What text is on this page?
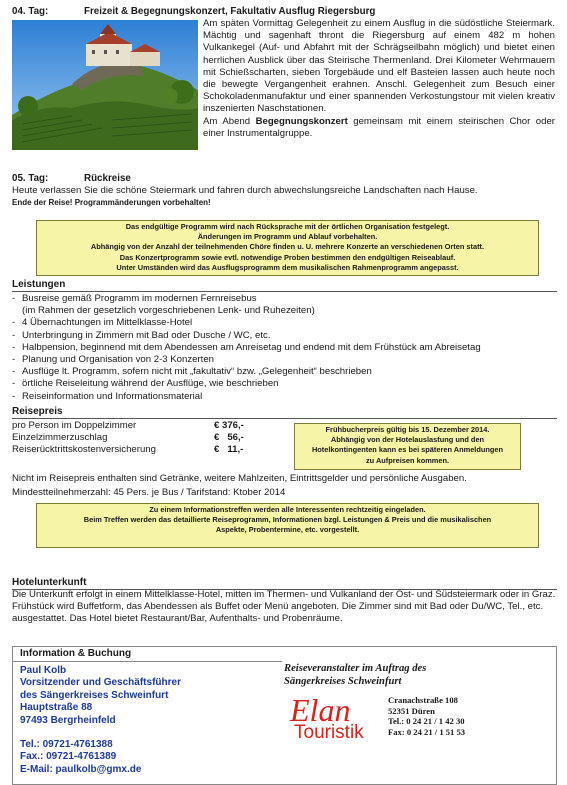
04. Tag:	Freizeit & Begegnungskonzert, Fakultativ Ausflug Riegersburg
Am späten Vormittag Gelegenheit zu einem Ausflug in die südöstliche Steiermark. Mächtig und sagenhaft thront die Riegersburg auf einem 482 m hohen Vulkankegel (Auf- und Abfahrt mit der Schrägseilbahn möglich) und bietet einen herrlichen Ausblick über das Steirische Thermenland. Drei Kilometer Wehrmauern mit Schießscharten, sieben Torgebäude und elf Basteien lassen auch heute noch die bewegte Vergangenheit erahnen. Anschl. Gelegenheit zum Besuch einer Schokoladenmanufaktur und einer spannenden Verkostungstour mit vielen kreativ inszenierten Naschstationen.
Am Abend Begegnungskonzert gemeinsam mit einem steirischen Chor oder einer Instrumentalgruppe.
05. Tag:	Rückreise
Heute verlassen Sie die schöne Steiermark und fahren durch abwechslungsreiche Landschaften nach Hause.
Ende der Reise! Programmänderungen vorbehalten!
Das endgültige Programm wird nach Rücksprache mit der örtlichen Organisation festgelegt.
Änderungen im Programm und Ablauf vorbehalten.
Abhängig von der Anzahl der teilnehmenden Chöre finden u. U. mehrere Konzerte an verschiedenen Orten statt.
Das Konzertprogramm sowie evtl. notwendige Proben bestimmen den endgültigen Reiseablauf.
Unter Umständen wird das Ausflugsprogramm dem musikalischen Rahmenprogramm angepasst.
Leistungen
- Busreise gemäß Programm im modernen Fernreisebus
(im Rahmen der gesetzlich vorgeschriebenen Lenk- und Ruhezeiten)
- 4 Übernachtungen im Mittelklasse-Hotel
- Unterbringung in Zimmern mit Bad oder Dusche / WC, etc.
- Halbpension, beginnend mit dem Abendessen am Anreisetag und endend mit dem Frühstück am Abreisetag
- Planung und Organisation von 2-3 Konzerten
- Ausflüge lt. Programm, sofern nicht mit „fakultativ“ bzw. „Gelegenheit“ beschrieben
- örtliche Reiseleitung während der Ausflüge, wie beschrieben
- Reiseinformation und Informationsmaterial
Reisepreis
pro Person im Doppelzimmer	€ 376,-
Einzelzimmerzuschlag	€   56,-
Reiserücktrittskostenversicherung	€   11,-
Frühbucherpreis gültig bis 15. Dezember 2014.
Abhängig von der Hotelauslastung und den
Hotelkontingenten kann es bei späteren Anmeldungen
zu Aufpreisen kommen.
Nicht im Reisepreis enthalten sind Getränke, weitere Mahlzeiten, Eintrittsgelder und persönliche Ausgaben.
Mindestteilnehmerzahl: 45 Pers. je Bus / Tarifstand: Ktober 2014
Zu einem Informationstreffen werden alle Interessenten rechtzeitig eingeladen.
Beim Treffen werden das detaillierte Reiseprogramm, Informationen bzgl. Leistungen & Preis und die musikalischen
Aspekte, Probentermine, etc. vorgestellt.
Hotelunterkunft
Die Unterkunft erfolgt in einem Mittelklasse-Hotel, mitten im Thermen- und Vulkanland der Ost- und Südsteiermark oder in Graz. Frühstück wird Buffetform, das Abendessen als Buffet oder Menü angeboten. Die Zimmer sind mit Bad oder Du/WC, Tel., etc. ausgestattet. Das Hotel bietet Restaurant/Bar, Aufenthalts- und Probenräume.
Information & Buchung
Paul Kolb
Vorsitzender und Geschäftsführer
des Sängerkreises Schweinfurt
Hauptstraße 88
97493 Bergrheinfeld
Tel.: 09721-4761388
Fax.: 09721-4761389
E-Mail: paulkolb@gmx.de
Reiseveranstalter im Auftrag des
Sängerkreises Schweinfurt
Elan
Touristik
Cranachstraße 108
52351 Düren
Tel.: 0 24 21 / 1 42 30
Fax: 0 24 21 / 1 51 53
